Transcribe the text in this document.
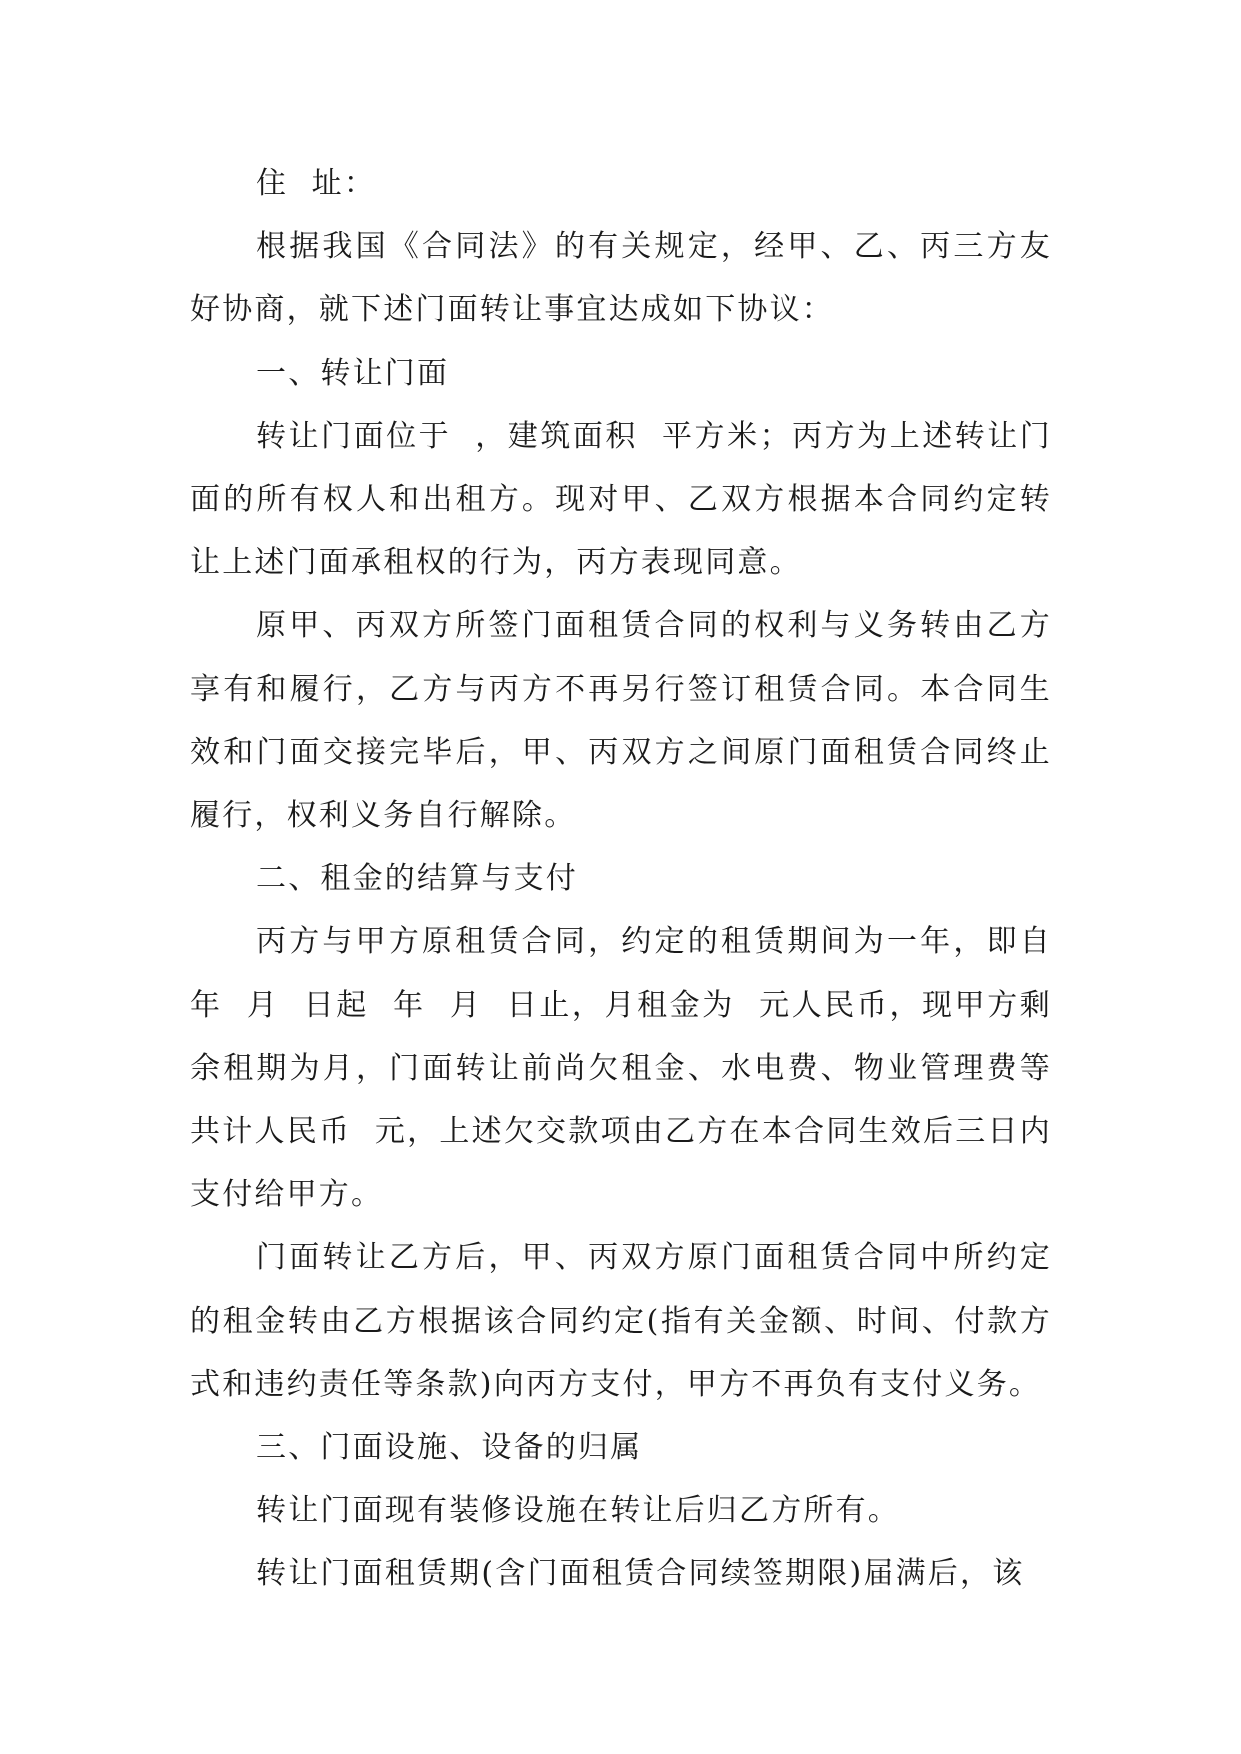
住  址：

根据我国《合同法》的有关规定，经甲、乙、丙三方友好协商，就下述门面转让事宜达成如下协议：

一、转让门面

转让门面位于  ，建筑面积  平方米；丙方为上述转让门面的所有权人和出租方。现对甲、乙双方根据本合同约定转让上述门面承租权的行为，丙方表现同意。

原甲、丙双方所签门面租赁合同的权利与义务转由乙方享有和履行，乙方与丙方不再另行签订租赁合同。本合同生效和门面交接完毕后，甲、丙双方之间原门面租赁合同终止履行，权利义务自行解除。

二、租金的结算与支付

丙方与甲方原租赁合同，约定的租赁期间为一年，即自年  月  日起  年  月  日止，月租金为  元人民币，现甲方剩余租期为月，门面转让前尚欠租金、水电费、物业管理费等共计人民币  元，上述欠交款项由乙方在本合同生效后三日内支付给甲方。

门面转让乙方后，甲、丙双方原门面租赁合同中所约定的租金转由乙方根据该合同约定(指有关金额、时间、付款方式和违约责任等条款)向丙方支付，甲方不再负有支付义务。

三、门面设施、设备的归属

转让门面现有装修设施在转让后归乙方所有。

转让门面租赁期(含门面租赁合同续签期限)届满后，该
